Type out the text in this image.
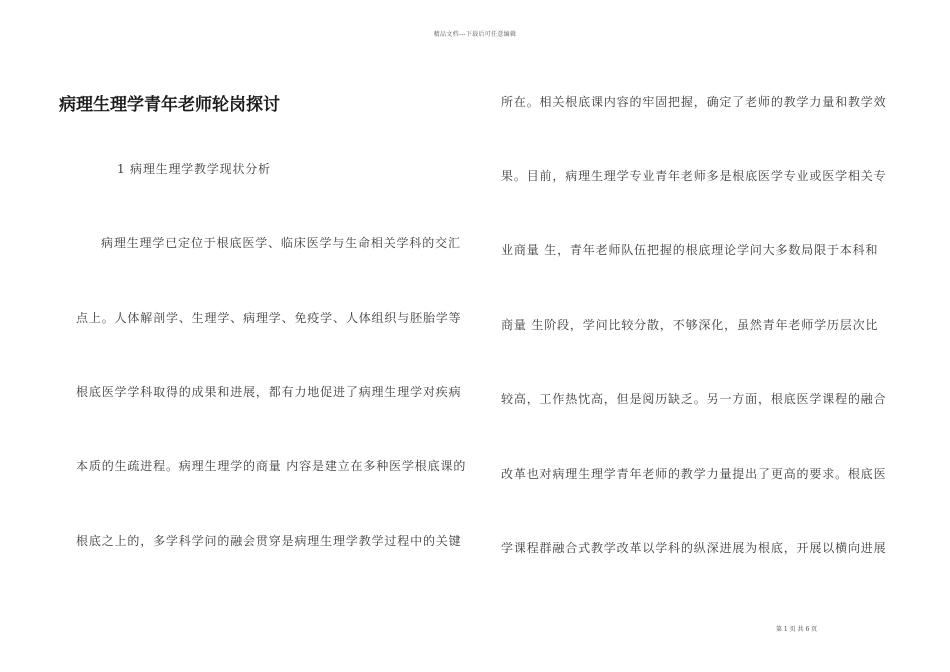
精品文档---下载后可任意编辑
病理生理学青年老师轮岗探讨
1 病理生理学教学现状分析
病理生理学已定位于根底医学、临床医学与生命相关学科的交汇
点上。人体解剖学、生理学、病理学、免疫学、人体组织与胚胎学等
根底医学学科取得的成果和进展，都有力地促进了病理生理学对疾病
本质的生疏进程。病理生理学的商量 内容是建立在多种医学根底课的
根底之上的，多学科学问的融会贯穿是病理生理学教学过程中的关键
所在。相关根底课内容的牢固把握，确定了老师的教学力量和教学效
果。目前，病理生理学专业青年老师多是根底医学专业或医学相关专
业商量 生，青年老师队伍把握的根底理论学问大多数局限于本科和
商量 生阶段，学问比较分散，不够深化，虽然青年老师学历层次比
较高，工作热忱高，但是阅历缺乏。另一方面，根底医学课程的融合
改革也对病理生理学青年老师的教学力量提出了更高的要求。根底医
学课程群融合式教学改革以学科的纵深进展为根底，开展以横向进展
第 1 页 共 6 页
